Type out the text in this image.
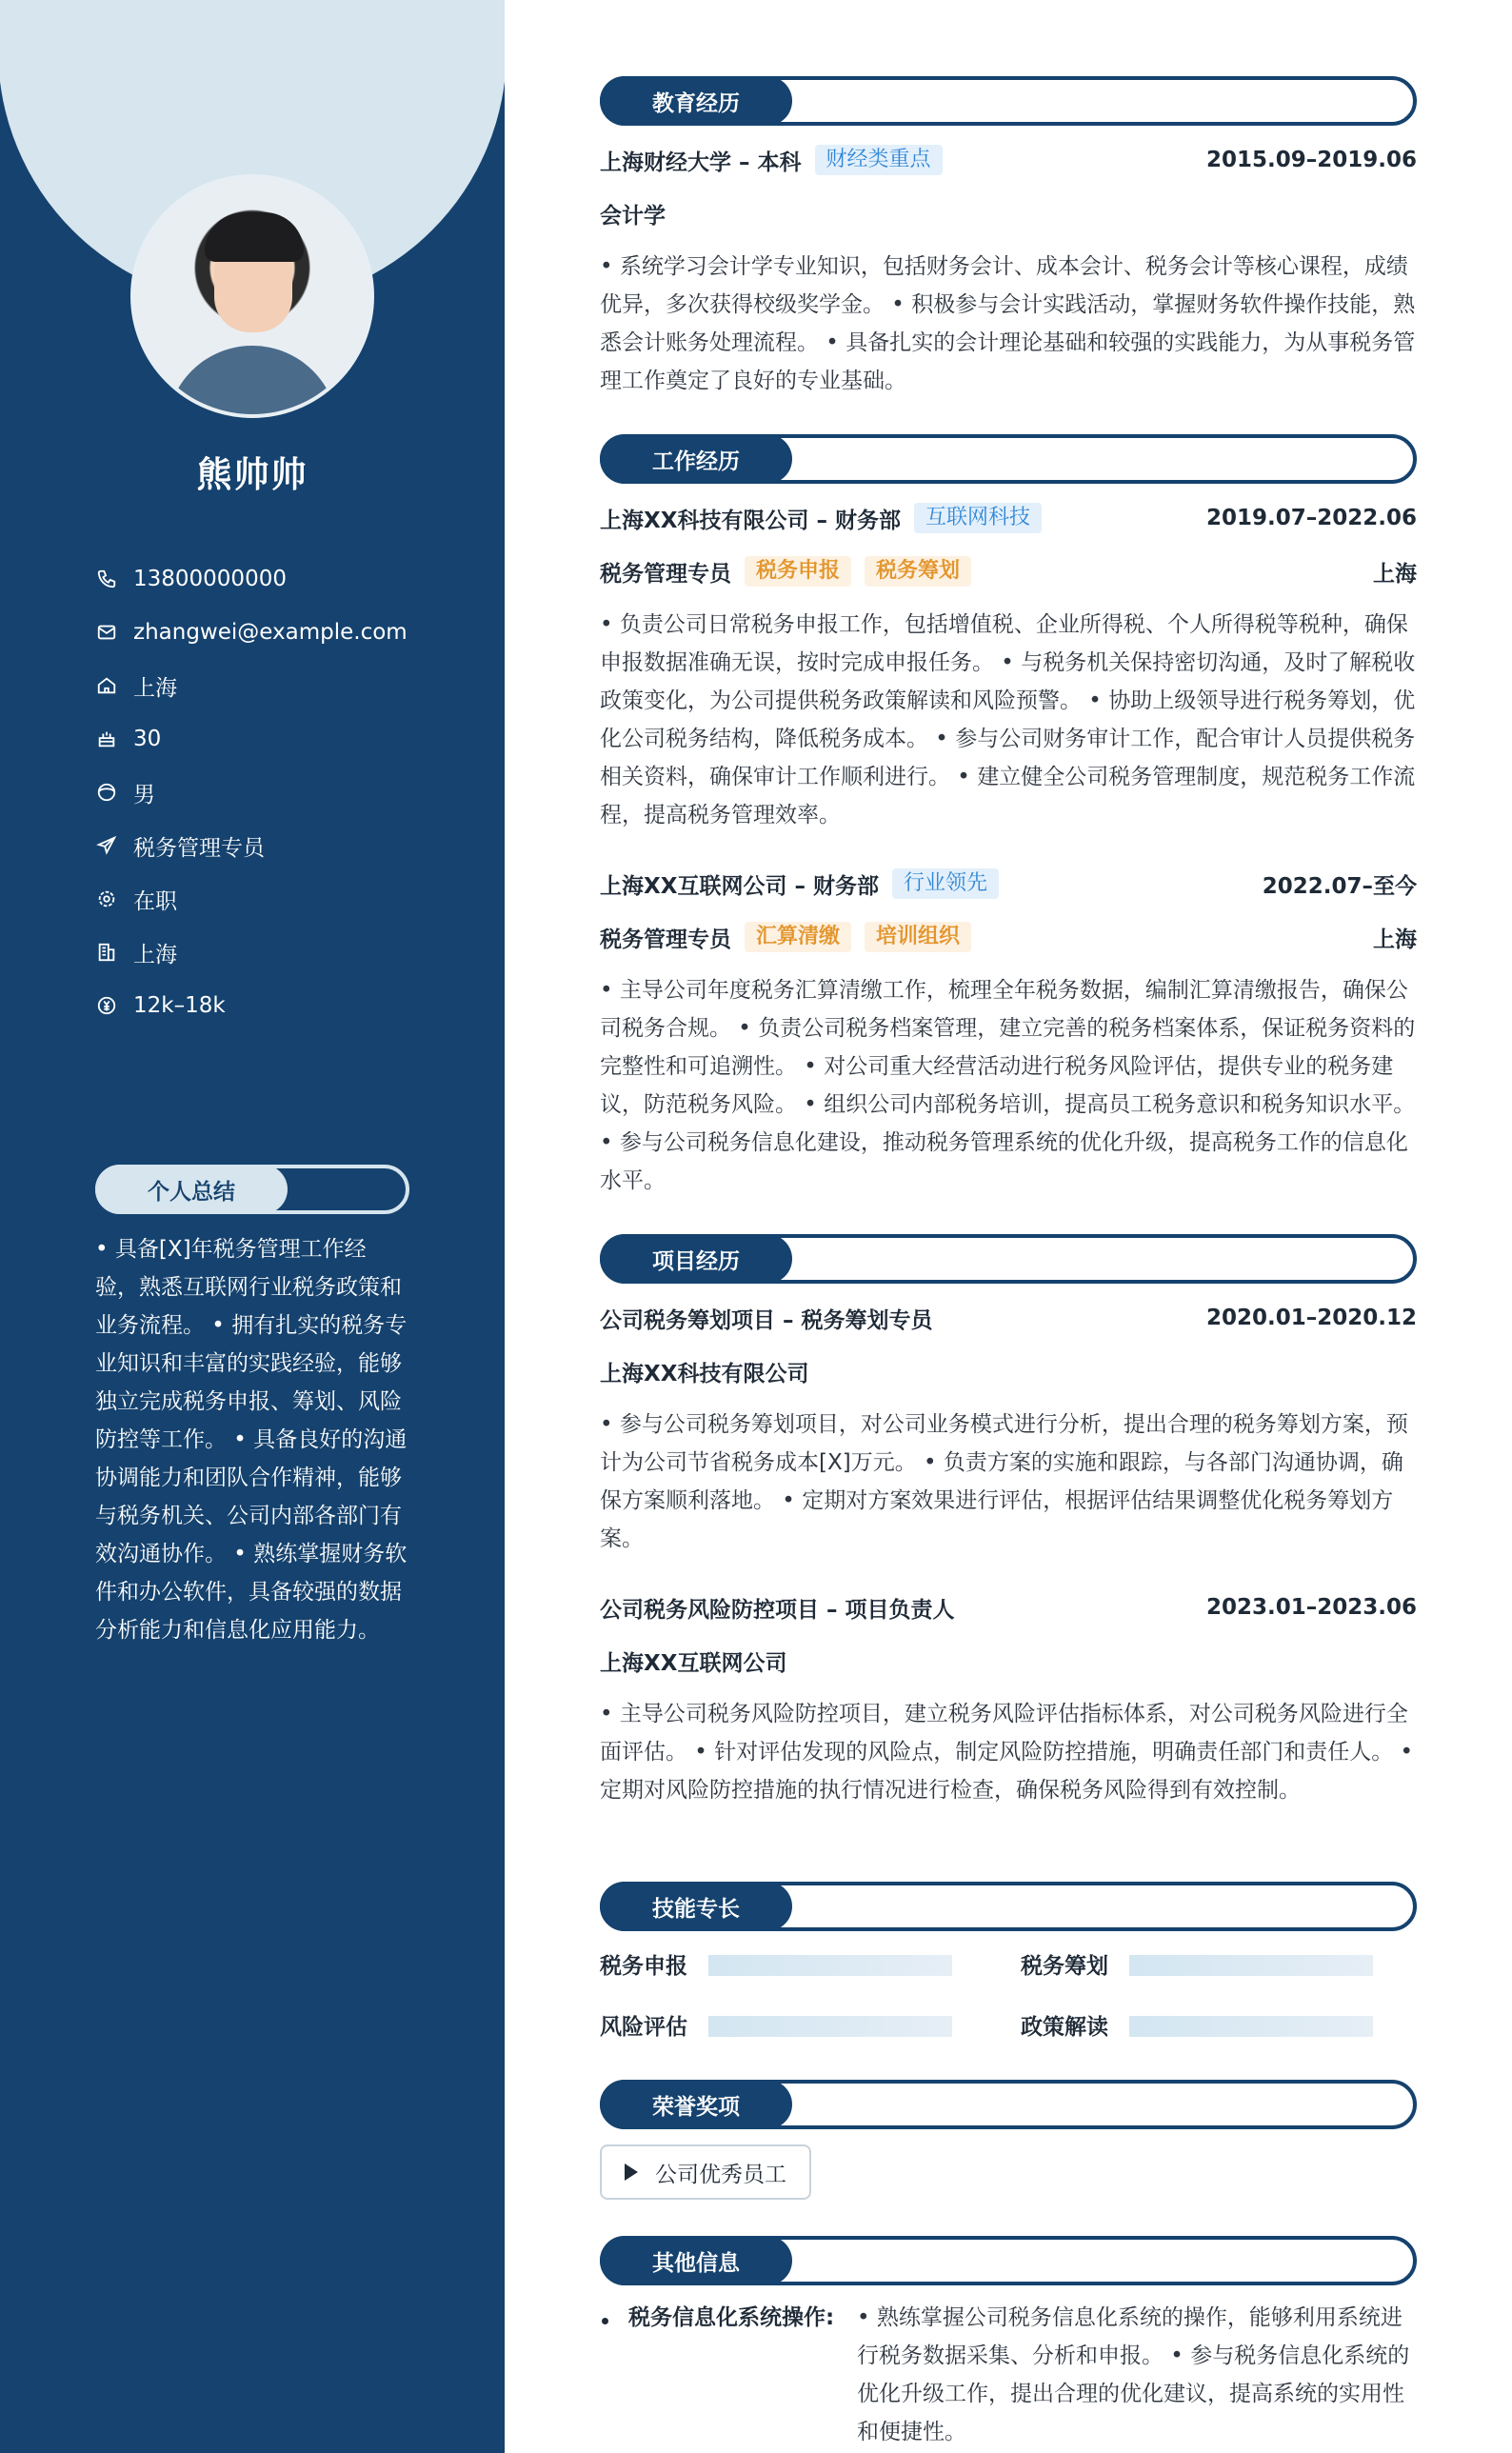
熊帅帅
13800000000
zhangwei@example.com
上海
30
男
税务管理专员
在职
上海
12k–18k
个人总结
• 具备[X]年税务管理工作经验，熟悉互联网行业税务政策和业务流程。 • 拥有扎实的税务专业知识和丰富的实践经验，能够独立完成税务申报、筹划、风险防控等工作。 • 具备良好的沟通协调能力和团队合作精神，能够与税务机关、公司内部各部门有效沟通协作。 • 熟练掌握财务软件和办公软件，具备较强的数据分析能力和信息化应用能力。
教育经历
上海财经大学 – 本科	财经类重点	2015.09–2019.06
会计学
• 系统学习会计学专业知识，包括财务会计、成本会计、税务会计等核心课程，成绩优异，多次获得校级奖学金。 • 积极参与会计实践活动，掌握财务软件操作技能，熟悉会计账务处理流程。 • 具备扎实的会计理论基础和较强的实践能力，为从事税务管理工作奠定了良好的专业基础。
工作经历
上海XX科技有限公司 – 财务部	互联网科技	2019.07–2022.06
税务管理专员	税务申报	税务筹划	上海
• 负责公司日常税务申报工作，包括增值税、企业所得税、个人所得税等税种，确保申报数据准确无误，按时完成申报任务。 • 与税务机关保持密切沟通，及时了解税收政策变化，为公司提供税务政策解读和风险预警。 • 协助上级领导进行税务筹划，优化公司税务结构，降低税务成本。 • 参与公司财务审计工作，配合审计人员提供税务相关资料，确保审计工作顺利进行。 • 建立健全公司税务管理制度，规范税务工作流程，提高税务管理效率。
上海XX互联网公司 – 财务部	行业领先	2022.07–至今
税务管理专员	汇算清缴	培训组织	上海
• 主导公司年度税务汇算清缴工作，梳理全年税务数据，编制汇算清缴报告，确保公司税务合规。 • 负责公司税务档案管理，建立完善的税务档案体系，保证税务资料的完整性和可追溯性。 • 对公司重大经营活动进行税务风险评估，提供专业的税务建议，防范税务风险。 • 组织公司内部税务培训，提高员工税务意识和税务知识水平。 • 参与公司税务信息化建设，推动税务管理系统的优化升级，提高税务工作的信息化水平。
项目经历
公司税务筹划项目 – 税务筹划专员	2020.01–2020.12
上海XX科技有限公司
• 参与公司税务筹划项目，对公司业务模式进行分析，提出合理的税务筹划方案，预计为公司节省税务成本[X]万元。 • 负责方案的实施和跟踪，与各部门沟通协调，确保方案顺利落地。 • 定期对方案效果进行评估，根据评估结果调整优化税务筹划方案。
公司税务风险防控项目 – 项目负责人	2023.01–2023.06
上海XX互联网公司
• 主导公司税务风险防控项目，建立税务风险评估指标体系，对公司税务风险进行全面评估。 • 针对评估发现的风险点，制定风险防控措施，明确责任部门和责任人。 • 定期对风险防控措施的执行情况进行检查，确保税务风险得到有效控制。
技能专长
税务申报	税务筹划
风险评估	政策解读
荣誉奖项
公司优秀员工
其他信息
税务信息化系统操作: • 熟练掌握公司税务信息化系统的操作，能够利用系统进行税务数据采集、分析和申报。 • 参与税务信息化系统的优化升级工作，提出合理的优化建议，提高系统的实用性和便捷性。
